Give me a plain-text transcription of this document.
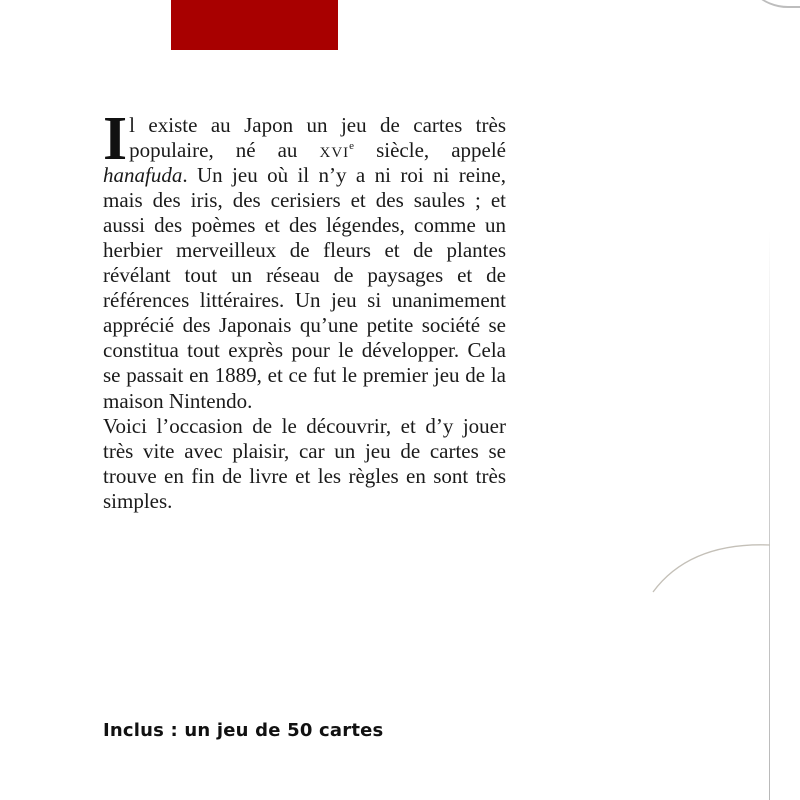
Il existe au Japon un jeu de cartes très populaire, né au xvi$^e$ siècle, appelé hanafuda. Un jeu où il n’y a ni roi ni reine, mais des iris, des cerisiers et des saules ; et aussi des poèmes et des légendes, comme un herbier merveilleux de fleurs et de plantes révélant tout un réseau de paysages et de références littéraires. Un jeu si unanimement apprécié des Japonais qu’une petite société se constitua tout exprès pour le développer. Cela se passait en 1889, et ce fut le premier jeu de la maison Nintendo.

Voici l’occasion de le découvrir, et d’y jouer très vite avec plaisir, car un jeu de cartes se trouve en fin de livre et les règles en sont très simples.

Inclus : un jeu de 50 cartes
